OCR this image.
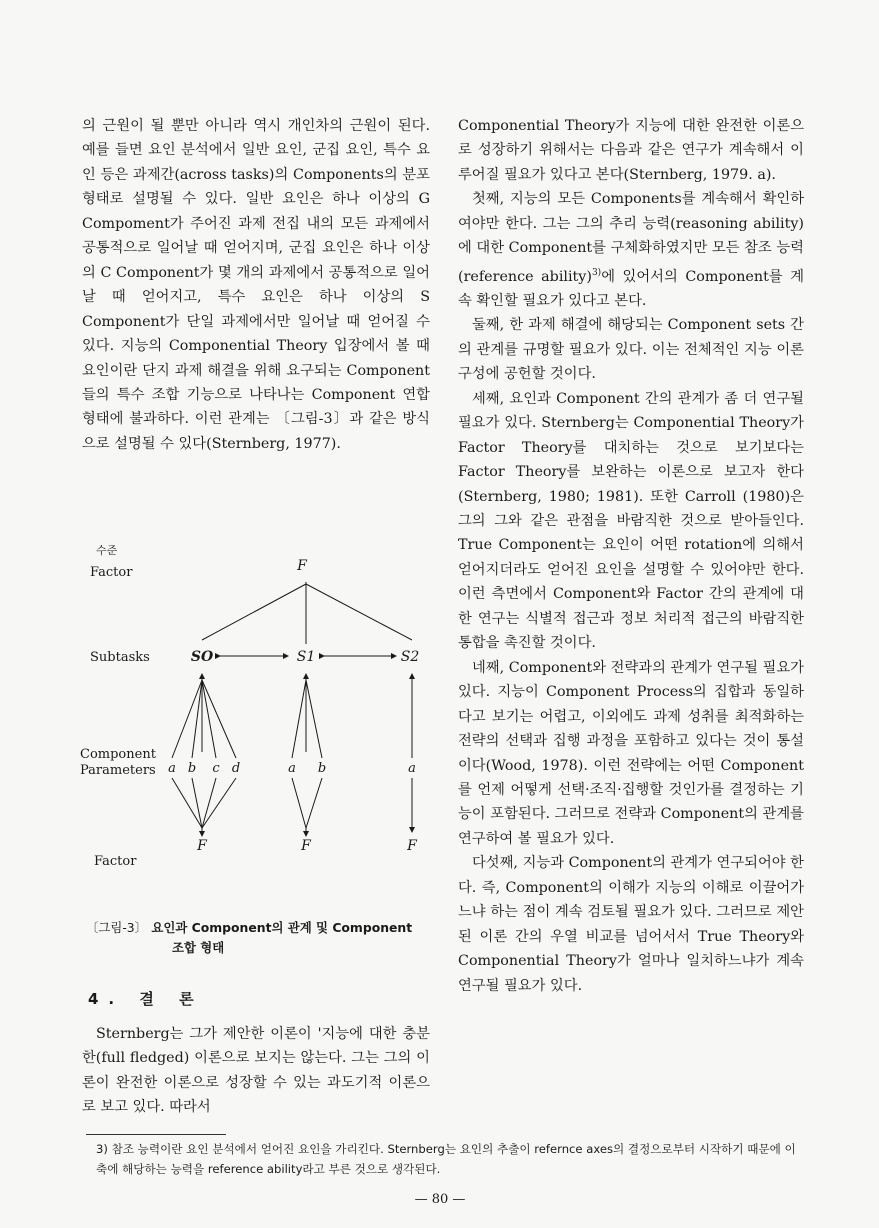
의 근원이 될 뿐만 아니라 역시 개인차의 근원이 된다. 예를 들면 요인 분석에서 일반 요인, 군집 요인, 특수 요인 등은 과제간(across tasks)의 Components의 분포 형태로 설명될 수 있다. 일반 요인은 하나 이상의 G Compoment가 주어진 과제 전집 내의 모든 과제에서 공통적으로 일어날 때 얻어지며, 군집 요인은 하나 이상의 C Component가 몇 개의 과제에서 공통적으로 일어날 때 얻어지고, 특수 요인은 하나 이상의 S Component가 단일 과제에서만 일어날 때 얻어질 수 있다. 지능의 Componential Theory 입장에서 볼 때 요인이란 단지 과제 해결을 위해 요구되는 Component들의 특수 조합 기능으로 나타나는 Component 연합 형태에 불과하다. 이런 관계는 〔그림-3〕과 같은 방식으로 설명될 수 있다(Sternberg, 1977).

수준
Factor
Subtasks
Component
Parameters
Factor
F
SO	S1	S2
a b c d	a b	a
F	F	F
〔그림-3〕 요인과 Component의 관계 및 Component
조합 형태
4. 결 론

Sternberg는 그가 제안한 이론이 '지능에 대한 충분한(full fledged) 이론으로 보지는 않는다. 그는 그의 이론이 완전한 이론으로 성장할 수 있는 과도기적 이론으로 보고 있다. 따라서

Componential Theory가 지능에 대한 완전한 이론으로 성장하기 위해서는 다음과 같은 연구가 계속해서 이루어질 필요가 있다고 본다(Sternberg, 1979. a).

첫째, 지능의 모든 Components를 계속해서 확인하여야만 한다. 그는 그의 추리 능력(reasoning ability)에 대한 Component를 구체화하였지만 모든 참조 능력(reference ability)$^{3)}$에 있어서의 Component를 계속 확인할 필요가 있다고 본다.

둘째, 한 과제 해결에 해당되는 Component sets 간의 관계를 규명할 필요가 있다. 이는 전체적인 지능 이론 구성에 공헌할 것이다.

세째, 요인과 Component 간의 관계가 좀 더 연구될 필요가 있다. Sternberg는 Componential Theory가 Factor Theory를 대치하는 것으로 보기보다는 Factor Theory를 보완하는 이론으로 보고자 한다(Sternberg, 1980; 1981). 또한 Carroll (1980)은 그의 그와 같은 관점을 바람직한 것으로 받아들인다. True Component는 요인이 어떤 rotation에 의해서 얻어지더라도 얻어진 요인을 설명할 수 있어야만 한다. 이런 측면에서 Component와 Factor 간의 관계에 대한 연구는 식별적 접근과 정보 처리적 접근의 바람직한 통합을 촉진할 것이다.

네째, Component와 전략과의 관계가 연구될 필요가 있다. 지능이 Component Process의 집합과 동일하다고 보기는 어렵고, 이외에도 과제 성취를 최적화하는 전략의 선택과 집행 과정을 포함하고 있다는 것이 통설이다(Wood, 1978). 이런 전략에는 어떤 Component를 언제 어떻게 선택·조직·집행할 것인가를 결정하는 기능이 포함된다. 그러므로 전략과 Component의 관계를 연구하여 볼 필요가 있다.

다섯째, 지능과 Component의 관계가 연구되어야 한다. 즉, Component의 이해가 지능의 이해로 이끌어가느냐 하는 점이 계속 검토될 필요가 있다. 그러므로 제안된 이론 간의 우열 비교를 넘어서서 True Theory와 Componential Theory가 얼마나 일치하느냐가 계속 연구될 필요가 있다.

3) 참조 능력이란 요인 분석에서 얻어진 요인을 가리킨다. Sternberg는 요인의 추출이 refernce axes의 결정으로부터 시작하기 때문에 이 축에 해당하는 능력을 reference ability라고 부른 것으로 생각된다.
— 80 —
